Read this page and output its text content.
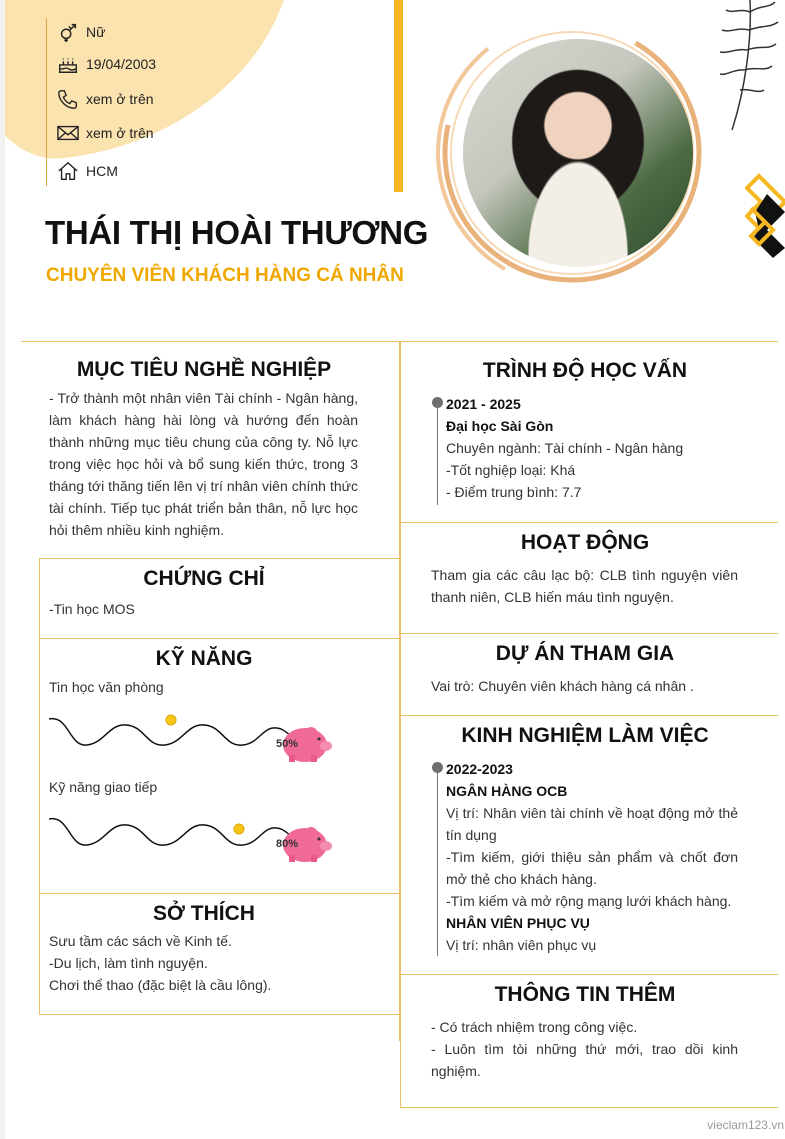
Nữ
19/04/2003
xem ở trên
xem ở trên
HCM
THÁI THỊ HOÀI THƯƠNG
CHUYÊN VIÊN KHÁCH HÀNG CÁ NHÂN
MỤC TIÊU NGHỀ NGHIỆP
- Trở thành một nhân viên Tài chính - Ngân hàng, làm khách hàng hài lòng và hướng đến hoàn thành những mục tiêu chung của công ty. Nỗ lực trong việc học hỏi và bổ sung kiến thức, trong 3 tháng tới thăng tiến lên vị trí nhân viên chính thức tài chính. Tiếp tục phát triển bản thân, nỗ lực học hỏi thêm nhiều kinh nghiệm.
CHỨNG CHỈ
-Tin học MOS
KỸ NĂNG
Tin học văn phòng
50%
Kỹ năng giao tiếp
80%
SỞ THÍCH
Sưu tầm các sách về Kinh tế.
-Du lịch, làm tình nguyện.
Chơi thể thao (đặc biệt là cầu lông).
TRÌNH ĐỘ HỌC VẤN
2021 - 2025
Đại học Sài Gòn
Chuyên ngành: Tài chính - Ngân hàng
-Tốt nghiệp loại: Khá
- Điểm trung bình: 7.7
HOẠT ĐỘNG
Tham gia các câu lạc bộ: CLB tình nguyện viên thanh niên, CLB hiến máu tình nguyện.
DỰ ÁN THAM GIA
Vai trò: Chuyên viên khách hàng cá nhân .
KINH NGHIỆM LÀM VIỆC
2022-2023
NGÂN HÀNG OCB
Vị trí: Nhân viên tài chính về hoạt động mở thẻ tín dụng
-Tìm kiếm, giới thiệu sản phẩm và chốt đơn mở thẻ cho khách hàng.
-Tìm kiếm và mở rộng mạng lưới khách hàng.
NHÂN VIÊN PHỤC VỤ
Vị trí: nhân viên phục vụ
THÔNG TIN THÊM
- Có trách nhiệm trong công việc.
- Luôn tìm tòi những thứ mới, trao dồi kinh nghiệm.
vieclam123.vn
